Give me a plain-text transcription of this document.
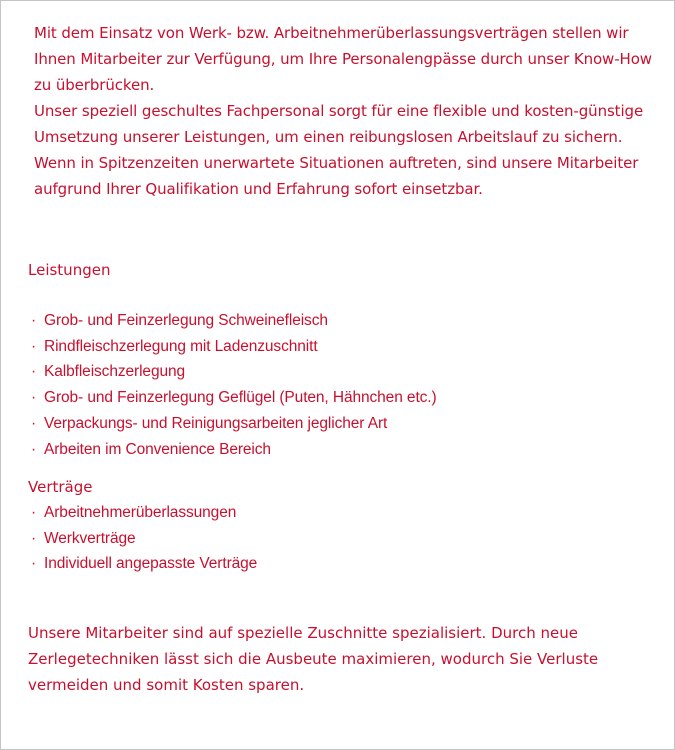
Mit dem Einsatz von Werk- bzw. Arbeitnehmerüberlassungsverträgen stellen wir Ihnen Mitarbeiter zur Verfügung, um Ihre Personalengpässe durch unser Know-How zu überbrücken.

Unser speziell geschultes Fachpersonal sorgt für eine flexible und kosten-günstige Umsetzung unserer Leistungen, um einen reibungslosen Arbeitslauf zu sichern.

Wenn in Spitzenzeiten unerwartete Situationen auftreten, sind unsere Mitarbeiter aufgrund Ihrer Qualifikation und Erfahrung sofort einsetzbar.

Leistungen
· Grob- und Feinzerlegung Schweinefleisch
· Rindfleischzerlegung mit Ladenzuschnitt
· Kalbfleischzerlegung
· Grob- und Feinzerlegung Geflügel (Puten, Hähnchen etc.)
· Verpackungs- und Reinigungsarbeiten jeglicher Art
· Arbeiten im Convenience Bereich
Verträge
· Arbeitnehmerüberlassungen
· Werkverträge
· Individuell angepasste Verträge

Unsere Mitarbeiter sind auf spezielle Zuschnitte spezialisiert. Durch neue Zerlegetechniken lässt sich die Ausbeute maximieren, wodurch Sie Verluste vermeiden und somit Kosten sparen.
